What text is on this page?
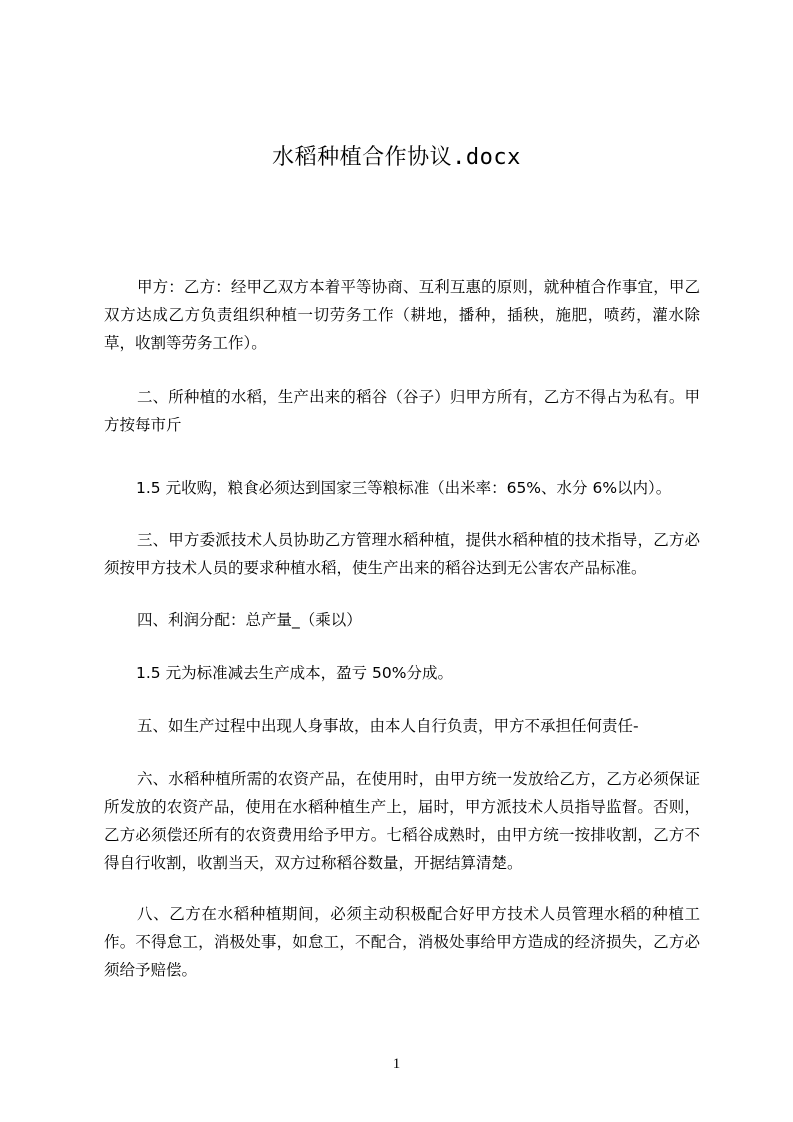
水稻种植合作协议.docx

甲方：乙方：经甲乙双方本着平等协商、互利互惠的原则，就种植合作事宜，甲乙双方达成乙方负责组织种植一切劳务工作（耕地，播种，插秧，施肥，喷药，灌水除草，收割等劳务工作）。

二、所种植的水稻，生产出来的稻谷（谷子）归甲方所有，乙方不得占为私有。甲方按每市斤

1.5 元收购，粮食必须达到国家三等粮标准（出米率：65%、水分 6%以内）。

三、甲方委派技术人员协助乙方管理水稻种植，提供水稻种植的技术指导，乙方必须按甲方技术人员的要求种植水稻，使生产出来的稻谷达到无公害农产品标准。

四、利润分配：总产量_（乘以）

1.5 元为标准减去生产成本，盈亏 50%分成。

五、如生产过程中出现人身事故，由本人自行负责，甲方不承担任何责任-

六、水稻种植所需的农资产品，在使用时，由甲方统一发放给乙方，乙方必须保证所发放的农资产品，使用在水稻种植生产上，届时，甲方派技术人员指导监督。否则，乙方必须偿还所有的农资费用给予甲方。七稻谷成熟时，由甲方统一按排收割，乙方不得自行收割，收割当天，双方过称稻谷数量，开据结算清楚。

八、乙方在水稻种植期间，必须主动积极配合好甲方技术人员管理水稻的种植工作。不得怠工，消极处事，如怠工，不配合，消极处事给甲方造成的经济损失，乙方必须给予赔偿。

1
